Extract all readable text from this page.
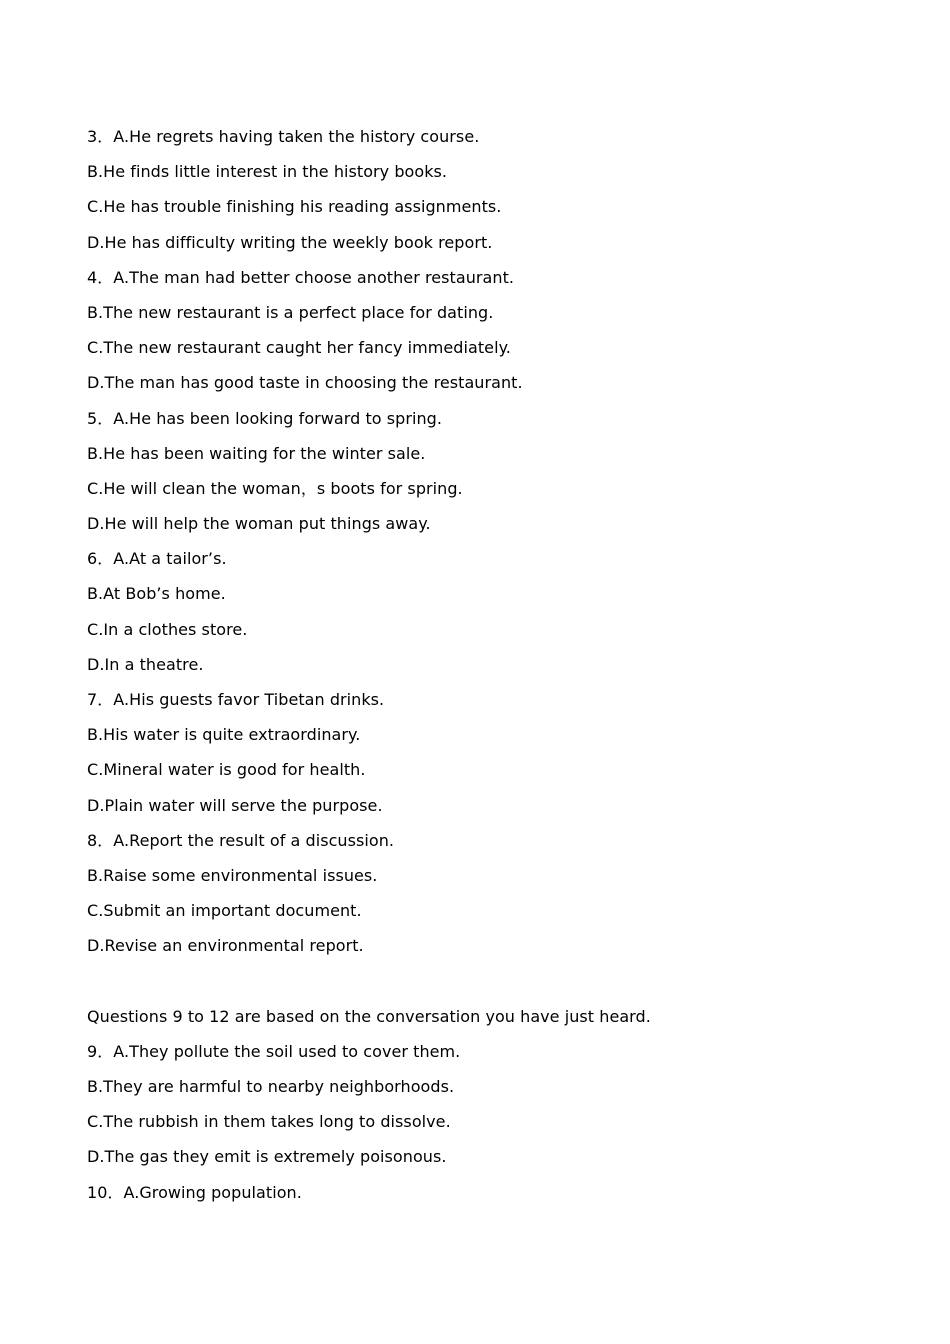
3．A.He regrets having taken the history course.
B.He finds little interest in the history books.
C.He has trouble finishing his reading assignments.
D.He has difficulty writing the weekly book report.
4．A.The man had better choose another restaurant.
B.The new restaurant is a perfect place for dating.
C.The new restaurant caught her fancy immediately.
D.The man has good taste in choosing the restaurant.
5．A.He has been looking forward to spring.
B.He has been waiting for the winter sale.
C.He will clean the woman，s boots for spring.
D.He will help the woman put things away.
6．A.At a tailor’s.
B.At Bob’s home.
C.In a clothes store.
D.In a theatre.
7．A.His guests favor Tibetan drinks.
B.His water is quite extraordinary.
C.Mineral water is good for health.
D.Plain water will serve the purpose.
8．A.Report the result of a discussion.
B.Raise some environmental issues.
C.Submit an important document.
D.Revise an environmental report.
Questions 9 to 12 are based on the conversation you have just heard.
9．A.They pollute the soil used to cover them.
B.They are harmful to nearby neighborhoods.
C.The rubbish in them takes long to dissolve.
D.The gas they emit is extremely poisonous.
10．A.Growing population.
